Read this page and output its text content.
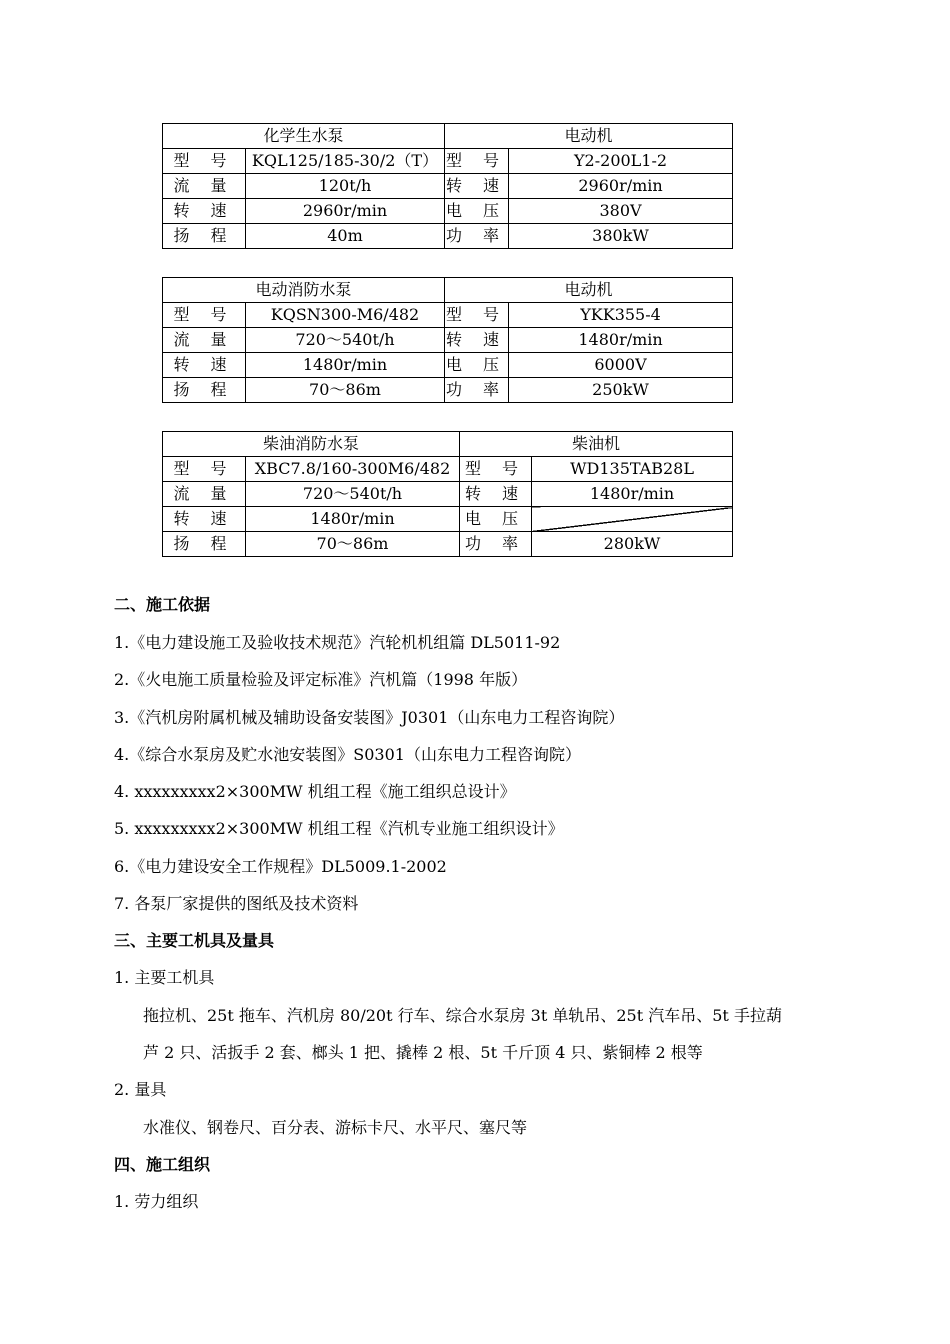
化学生水泵		电动机	
型 号	KQL125/185-30/2（T）	型 号	Y2-200L1-2
流 量	120t/h	转 速	2960r/min
转 速	2960r/min	电 压	380V
扬 程	40m	功 率	380kW
电动消防水泵		电动机	
型 号	KQSN300-M6/482	型 号	YKK355-4
流 量	720～540t/h	转 速	1480r/min
转 速	1480r/min	电 压	6000V
扬 程	70～86m	功 率	250kW
柴油消防水泵		柴油机	
型 号	XBC7.8/160-300M6/482	型 号	WD135TAB28L
流 量	720～540t/h	转 速	1480r/min
转 速	1480r/min	电 压	
扬 程	70～86m	功 率	280kW
二、施工依据
1.《电力建设施工及验收技术规范》汽轮机机组篇 DL5011-92
2.《火电施工质量检验及评定标准》汽机篇（1998 年版）
3.《汽机房附属机械及辅助设备安装图》J0301（山东电力工程咨询院）
4.《综合水泵房及贮水池安装图》S0301（山东电力工程咨询院）
4. xxxxxxxxx2×300MW 机组工程《施工组织总设计》
5. xxxxxxxxx2×300MW 机组工程《汽机专业施工组织设计》
6.《电力建设安全工作规程》DL5009.1-2002
7. 各泵厂家提供的图纸及技术资料
三、主要工机具及量具
1. 主要工机具
拖拉机、25t 拖车、汽机房 80/20t 行车、综合水泵房 3t 单轨吊、25t 汽车吊、5t 手拉葫
芦 2 只、活扳手 2 套、榔头 1 把、撬棒 2 根、5t 千斤顶 4 只、紫铜棒 2 根等
2. 量具
水准仪、钢卷尺、百分表、游标卡尺、水平尺、塞尺等
四、施工组织
1. 劳力组织
